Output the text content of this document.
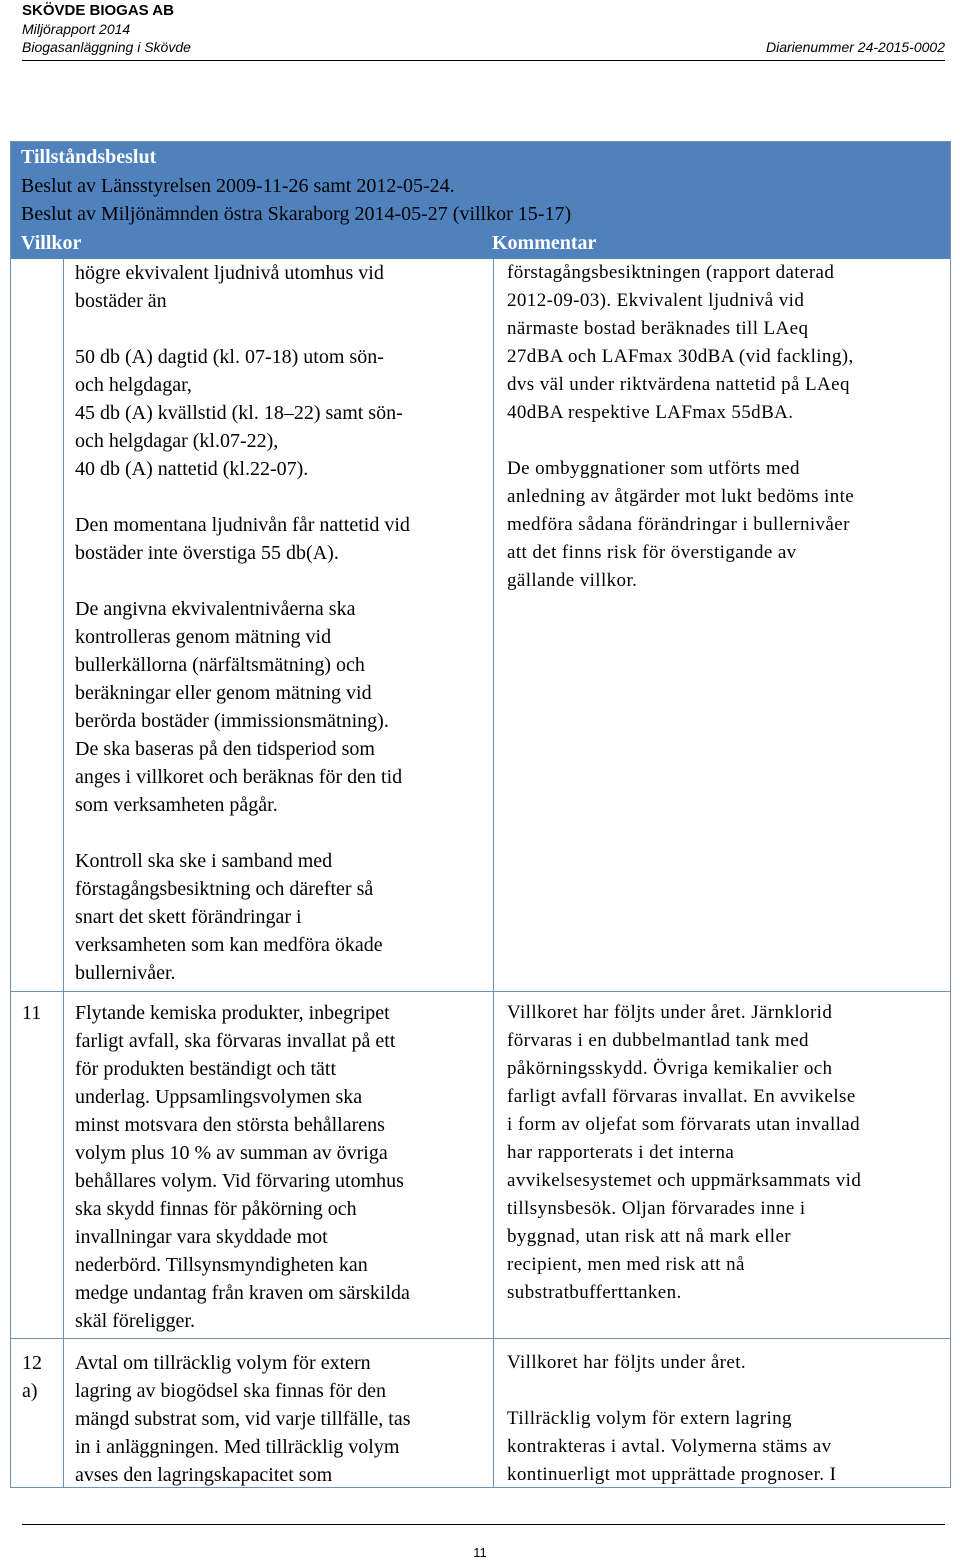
SKÖVDE BIOGAS AB
Miljörapport 2014
Biogasanläggning i Skövde	Diarienummer 24-2015-0002
Tillståndsbeslut
Beslut av Länsstyrelsen 2009-11-26 samt 2012-05-24.
Beslut av Miljönämnden östra Skaraborg 2014-05-27 (villkor 15-17)
Villkor	Kommentar
högre ekvivalent ljudnivå utomhus vid
bostäder än
50 db (A) dagtid (kl. 07-18) utom sön-
och helgdagar,
45 db (A) kvällstid (kl. 18–22) samt sön-
och helgdagar (kl.07-22),
40 db (A) nattetid (kl.22-07).
Den momentana ljudnivån får nattetid vid
bostäder inte överstiga 55 db(A).
De angivna ekvivalentnivåerna ska
kontrolleras genom mätning vid
bullerkällorna (närfältsmätning) och
beräkningar eller genom mätning vid
berörda bostäder (immissionsmätning).
De ska baseras på den tidsperiod som
anges i villkoret och beräknas för den tid
som verksamheten pågår.
Kontroll ska ske i samband med
förstagångsbesiktning och därefter så
snart det skett förändringar i
verksamheten som kan medföra ökade
bullernivåer.
förstagångsbesiktningen (rapport daterad
2012-09-03). Ekvivalent ljudnivå vid
närmaste bostad beräknades till LAeq
27dBA och LAFmax 30dBA (vid fackling),
dvs väl under riktvärdena nattetid på LAeq
40dBA respektive LAFmax 55dBA.
De ombyggnationer som utförts med
anledning av åtgärder mot lukt bedöms inte
medföra sådana förändringar i bullernivåer
att det finns risk för överstigande av
gällande villkor.
11 Flytande kemiska produkter, inbegripet
farligt avfall, ska förvaras invallat på ett
för produkten beständigt och tätt
underlag. Uppsamlingsvolymen ska
minst motsvara den största behållarens
volym plus 10 % av summan av övriga
behållares volym. Vid förvaring utomhus
ska skydd finnas för påkörning och
invallningar vara skyddade mot
nederbörd. Tillsynsmyndigheten kan
medge undantag från kraven om särskilda
skäl föreligger.
Villkoret har följts under året. Järnklorid
förvaras i en dubbelmantlad tank med
påkörningsskydd. Övriga kemikalier och
farligt avfall förvaras invallat. En avvikelse
i form av oljefat som förvarats utan invallad
har rapporterats i det interna
avvikelsesystemet och uppmärksammats vid
tillsynsbesök. Oljan förvarades inne i
byggnad, utan risk att nå mark eller
recipient, men med risk att nå
substratbufferttanken.
12
a)
Avtal om tillräcklig volym för extern
lagring av biogödsel ska finnas för den
mängd substrat som, vid varje tillfälle, tas
in i anläggningen. Med tillräcklig volym
avses den lagringskapacitet som
Villkoret har följts under året.
Tillräcklig volym för extern lagring
kontrakteras i avtal. Volymerna stäms av
kontinuerligt mot upprättade prognoser. I
11
